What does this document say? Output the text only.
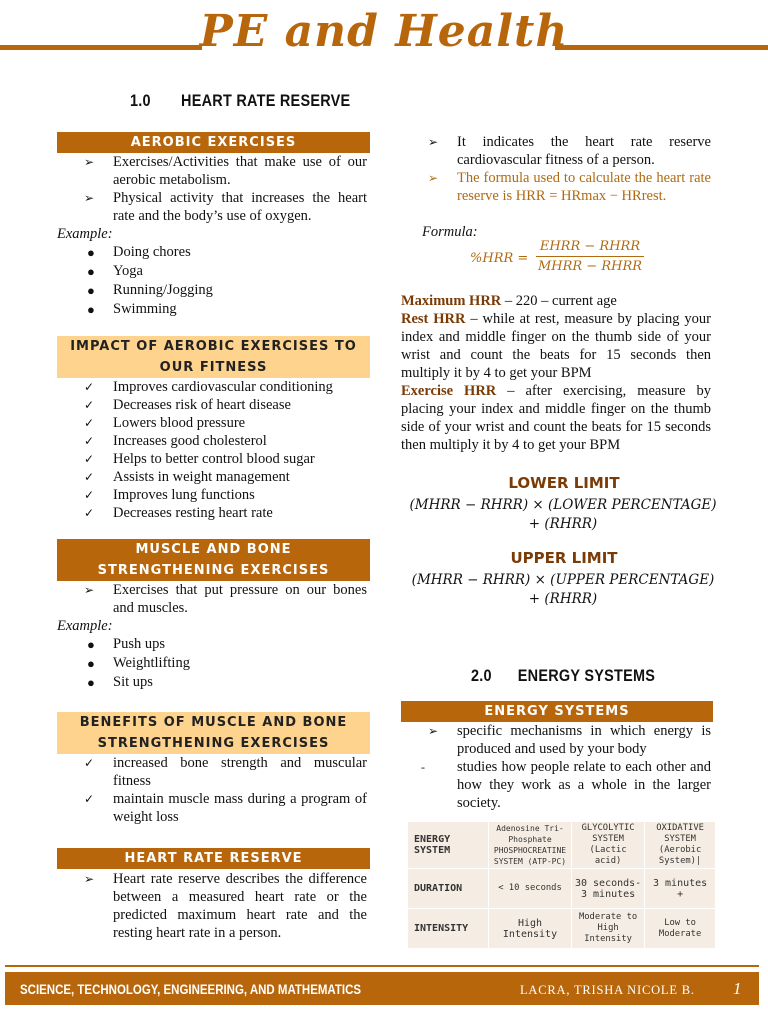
PE and Health
1.0 HEART RATE RESERVE
AEROBIC EXERCISES
➢ Exercises/Activities that make use of our aerobic metabolism.
➢ Physical activity that increases the heart rate and the body’s use of oxygen.
Example:
● Doing chores
● Yoga
● Running/Jogging
● Swimming
IMPACT OF AEROBIC EXERCISES TO OUR FITNESS
✓ Improves cardiovascular conditioning
✓ Decreases risk of heart disease
✓ Lowers blood pressure
✓ Increases good cholesterol
✓ Helps to better control blood sugar
✓ Assists in weight management
✓ Improves lung functions
✓ Decreases resting heart rate
MUSCLE AND BONE STRENGTHENING EXERCISES
➢ Exercises that put pressure on our bones and muscles.
Example:
● Push ups
● Weightlifting
● Sit ups
BENEFITS OF MUSCLE AND BONE STRENGTHENING EXERCISES
✓ increased bone strength and muscular fitness
✓ maintain muscle mass during a program of weight loss
HEART RATE RESERVE
➢ Heart rate reserve describes the difference between a measured heart rate or the predicted maximum heart rate and the resting heart rate in a person.
➢ It indicates the heart rate reserve cardiovascular fitness of a person.
➢ The formula used to calculate the heart rate reserve is HRR = HRmax − HRrest.
Formula:
%HRR =
EHRR − RHRR
MHRR − RHRR
Maximum HRR – 220 – current age
Rest HRR – while at rest, measure by placing your index and middle finger on the thumb side of your wrist and count the beats for 15 seconds then multiply it by 4 to get your BPM
Exercise HRR – after exercising, measure by placing your index and middle finger on the thumb side of your wrist and count the beats for 15 seconds then multiply it by 4 to get your BPM
LOWER LIMIT
(MHRR − RHRR) × (LOWER PERCENTAGE)
+ (RHRR)
UPPER LIMIT
(MHRR − RHRR) × (UPPER PERCENTAGE)
+ (RHRR)
2.0 ENERGY SYSTEMS
ENERGY SYSTEMS
➢ specific mechanisms in which energy is produced and used by your body
- studies how people relate to each other and how they work as a whole in the larger society.
ENERGY SYSTEM	Adenosine Tri-Phosphate PHOSPHOCREATINE SYSTEM (ATP-PC)	GLYCOLYTIC SYSTEM (Lactic acid)	OXIDATIVE SYSTEM (Aerobic System)|
DURATION	< 10 seconds	30 seconds-3 minutes	3 minutes +
INTENSITY	High Intensity	Moderate to High Intensity	Low to Moderate
SCIENCE, TECHNOLOGY, ENGINEERING, AND MATHEMATICS	LACRA, TRISHA NICOLE B. 1
